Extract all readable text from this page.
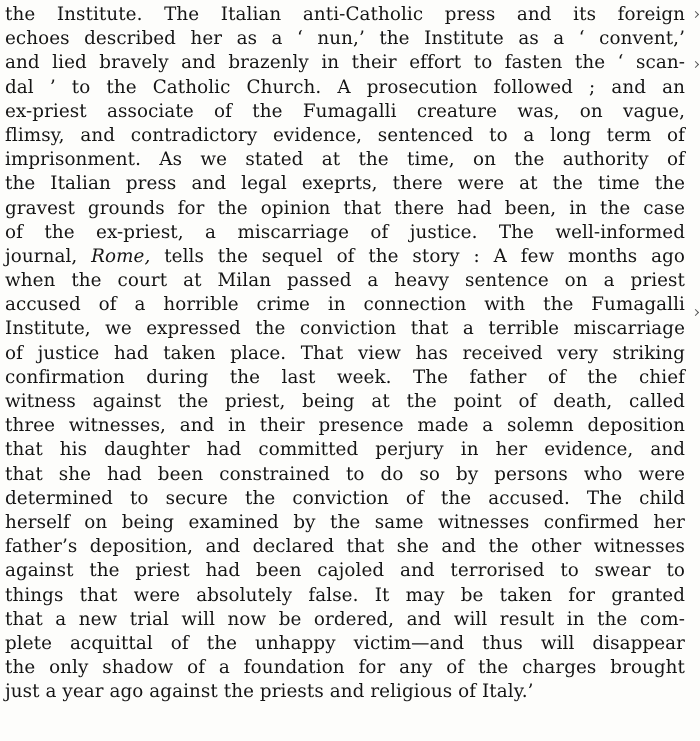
the Institute. The Italian anti-Catholic press and its foreign
echoes described her as a ‘ nun,’ the Institute as a ‘ convent,’
and lied bravely and brazenly in their effort to fasten the ‘ scan-
dal ’ to the Catholic Church. A prosecution followed ; and an
ex-priest associate of the Fumagalli creature was, on vague,
flimsy, and contradictory evidence, sentenced to a long term of
imprisonment. As we stated at the time, on the authority of
the Italian press and legal exeprts, there were at the time the
gravest grounds for the opinion that there had been, in the case
of the ex-priest, a miscarriage of justice. The well-informed
journal, Rome, tells the sequel of the story : A few months ago
when the court at Milan passed a heavy sentence on a priest
accused of a horrible crime in connection with the Fumagalli
Institute, we expressed the conviction that a terrible miscarriage
of justice had taken place. That view has received very striking
confirmation during the last week. The father of the chief
witness against the priest, being at the point of death, called
three witnesses, and in their presence made a solemn deposition
that his daughter had committed perjury in her evidence, and
that she had been constrained to do so by persons who were
determined to secure the conviction of the accused. The child
herself on being examined by the same witnesses confirmed her
father’s deposition, and declared that she and the other witnesses
against the priest had been cajoled and terrorised to swear to
things that were absolutely false. It may be taken for granted
that a new trial will now be ordered, and will result in the com-
plete acquittal of the unhappy victim—and thus will disappear
the only shadow of a foundation for any of the charges brought
just a year ago against the priests and religious of Italy.’
